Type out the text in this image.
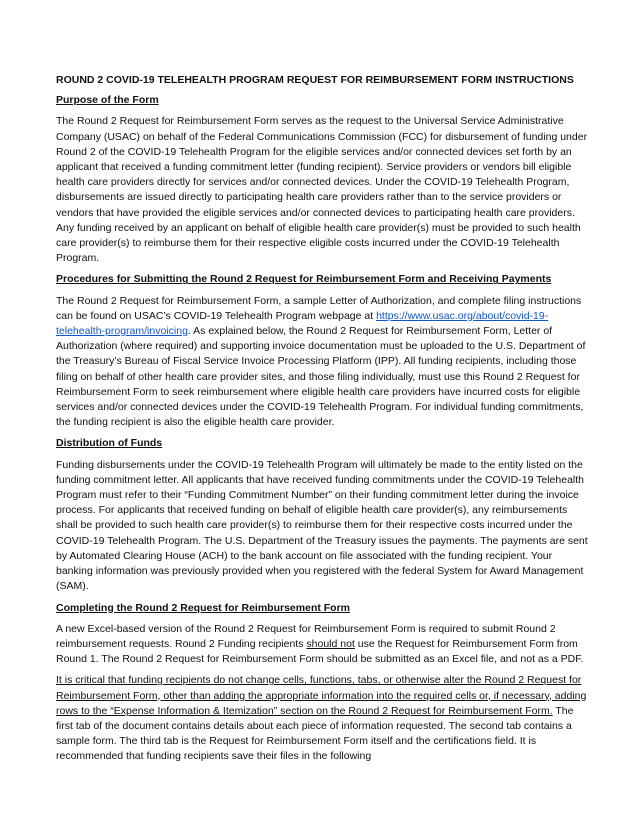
ROUND 2 COVID-19 TELEHEALTH PROGRAM REQUEST FOR REIMBURSEMENT FORM INSTRUCTIONS
Purpose of the Form

The Round 2 Request for Reimbursement Form serves as the request to the Universal Service Administrative Company (USAC) on behalf of the Federal Communications Commission (FCC) for disbursement of funding under Round 2 of the COVID-19 Telehealth Program for the eligible services and/or connected devices set forth by an applicant that received a funding commitment letter (funding recipient). Service providers or vendors bill eligible health care providers directly for services and/or connected devices. Under the COVID-19 Telehealth Program, disbursements are issued directly to participating health care providers rather than to the service providers or vendors that have provided the eligible services and/or connected devices to participating health care providers. Any funding received by an applicant on behalf of eligible health care provider(s) must be provided to such health care provider(s) to reimburse them for their respective eligible costs incurred under the COVID-19 Telehealth Program.

Procedures for Submitting the Round 2 Request for Reimbursement Form and Receiving Payments

The Round 2 Request for Reimbursement Form, a sample Letter of Authorization, and complete filing instructions can be found on USAC’s COVID-19 Telehealth Program webpage at https://www.usac.org/about/covid-19-telehealth-program/invoicing. As explained below, the Round 2 Request for Reimbursement Form, Letter of Authorization (where required) and supporting invoice documentation must be uploaded to the U.S. Department of the Treasury’s Bureau of Fiscal Service Invoice Processing Platform (IPP). All funding recipients, including those filing on behalf of other health care provider sites, and those filing individually, must use this Round 2 Request for Reimbursement Form to seek reimbursement where eligible health care providers have incurred costs for eligible services and/or connected devices under the COVID-19 Telehealth Program. For individual funding commitments, the funding recipient is also the eligible health care provider.

Distribution of Funds

Funding disbursements under the COVID-19 Telehealth Program will ultimately be made to the entity listed on the funding commitment letter. All applicants that have received funding commitments under the COVID-19 Telehealth Program must refer to their “Funding Commitment Number” on their funding commitment letter during the invoice process. For applicants that received funding on behalf of eligible health care provider(s), any reimbursements shall be provided to such health care provider(s) to reimburse them for their respective costs incurred under the COVID-19 Telehealth Program. The U.S. Department of the Treasury issues the payments. The payments are sent by Automated Clearing House (ACH) to the bank account on file associated with the funding recipient. Your banking information was previously provided when you registered with the federal System for Award Management (SAM).

Completing the Round 2 Request for Reimbursement Form

A new Excel-based version of the Round 2 Request for Reimbursement Form is required to submit Round 2 reimbursement requests. Round 2 Funding recipients should not use the Request for Reimbursement Form from Round 1. The Round 2 Request for Reimbursement Form should be submitted as an Excel file, and not as a PDF.

It is critical that funding recipients do not change cells, functions, tabs, or otherwise alter the Round 2 Request for Reimbursement Form, other than adding the appropriate information into the required cells or, if necessary, adding rows to the “Expense Information & Itemization” section on the Round 2 Request for Reimbursement Form. The first tab of the document contains details about each piece of information requested. The second tab contains a sample form. The third tab is the Request for Reimbursement Form itself and the certifications field. It is recommended that funding recipients save their files in the following
